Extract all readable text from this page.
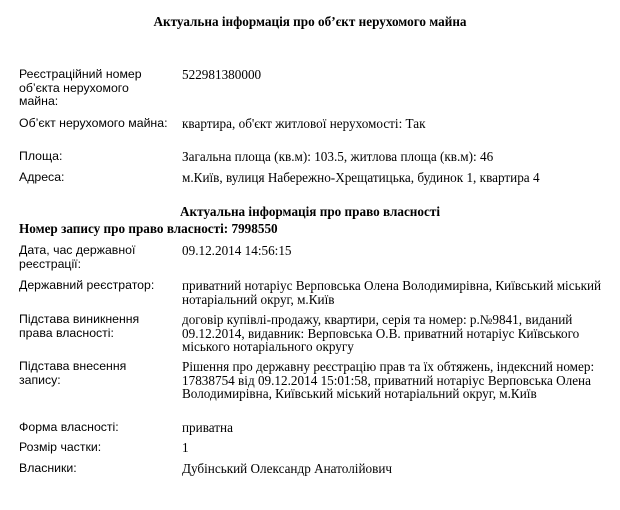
Актуальна інформація про об’єкт нерухомого майна
Реєстраційний номер об’єкта нерухомого майна:
522981380000
Об’єкт нерухомого майна: квартира, об'єкт житлової нерухомості: Так
Площа:	Загальна площа (кв.м): 103.5, житлова площа (кв.м): 46
Адреса:	м.Київ, вулиця Набережно-Хрещатицька, будинок 1, квартира 4
Актуальна інформація про право власності
Номер запису про право власності: 7998550
Дата, час державної реєстрації:
09.12.2014 14:56:15
Державний реєстратор:	приватний нотаріус Верповська Олена Володимирівна, Київський міський нотаріальний округ, м.Київ
Підстава виникнення права власності:
договір купівлі-продажу, квартири, серія та номер: р.№9841, виданий 09.12.2014, видавник: Верповська О.В. приватний нотаріус Київського міського нотаріального округу
Підстава внесення запису:
Рішення про державну реєстрацію прав та їх обтяжень, індексний номер: 17838754 від 09.12.2014 15:01:58, приватний нотаріус Верповська Олена Володимирівна, Київський міський нотаріальний округ, м.Київ
Форма власності:	приватна
Розмір частки:	1
Власники:	Дубінський Олександр Анатолійович
